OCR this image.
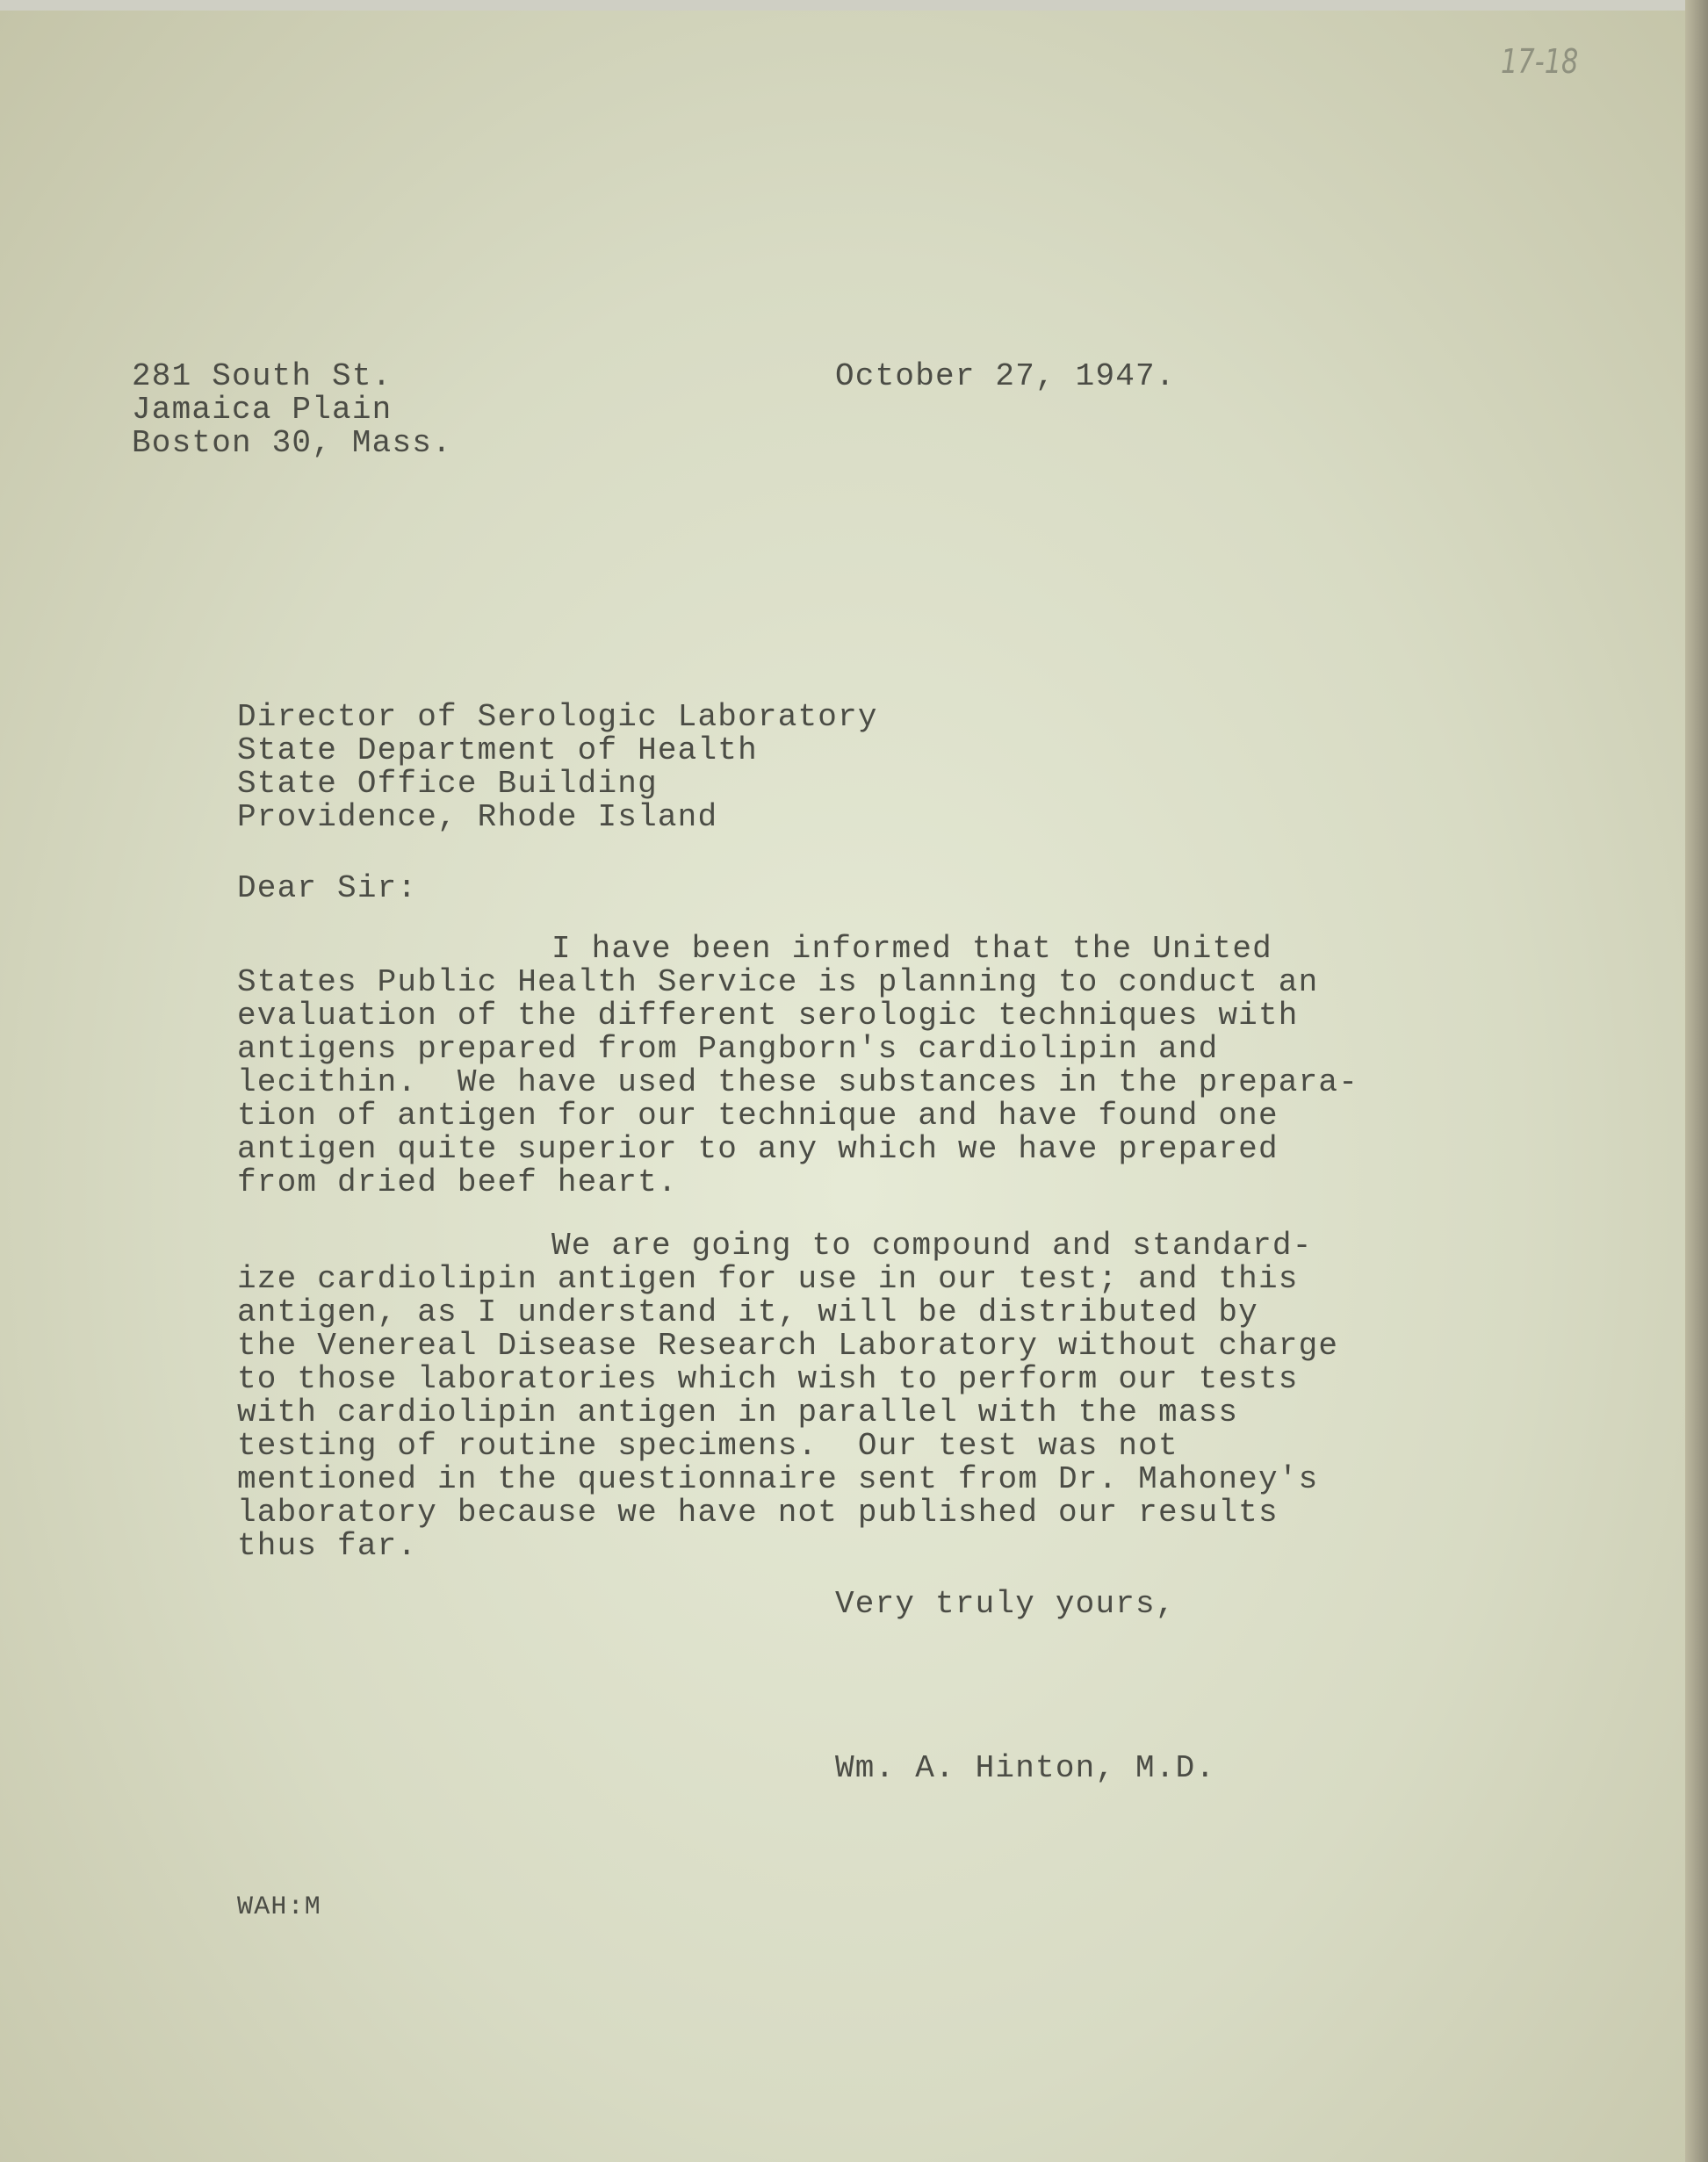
17-18
281 South St.
Jamaica Plain
Boston 30, Mass.
October 27, 1947.
Director of Serologic Laboratory
State Department of Health
State Office Building
Providence, Rhode Island
Dear Sir:
I have been informed that the United
States Public Health Service is planning to conduct an
evaluation of the different serologic techniques with
antigens prepared from Pangborn's cardiolipin and
lecithin.  We have used these substances in the prepara-
tion of antigen for our technique and have found one
antigen quite superior to any which we have prepared
from dried beef heart.
We are going to compound and standard-
ize cardiolipin antigen for use in our test; and this
antigen, as I understand it, will be distributed by
the Venereal Disease Research Laboratory without charge
to those laboratories which wish to perform our tests
with cardiolipin antigen in parallel with the mass
testing of routine specimens.  Our test was not
mentioned in the questionnaire sent from Dr. Mahoney's
laboratory because we have not published our results
thus far.
Very truly yours,
Wm. A. Hinton, M.D.
WAH:M
